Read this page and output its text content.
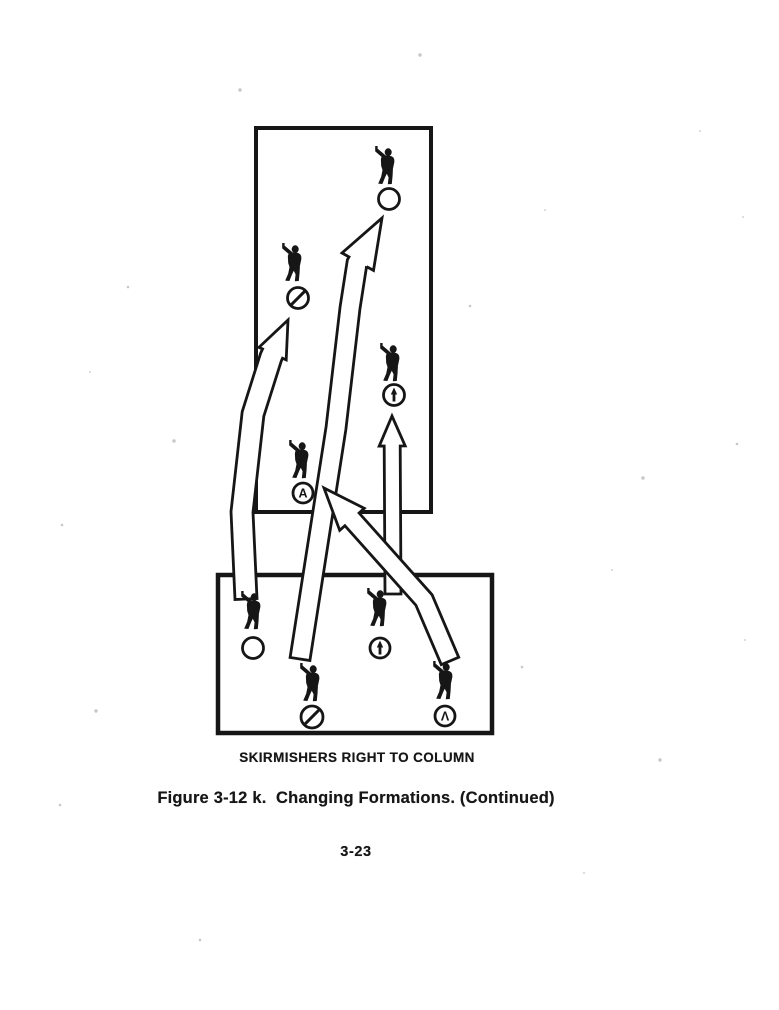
A
Λ
SKIRMISHERS RIGHT TO COLUMN
Figure 3-12 k.  Changing Formations. (Continued)
3-23
